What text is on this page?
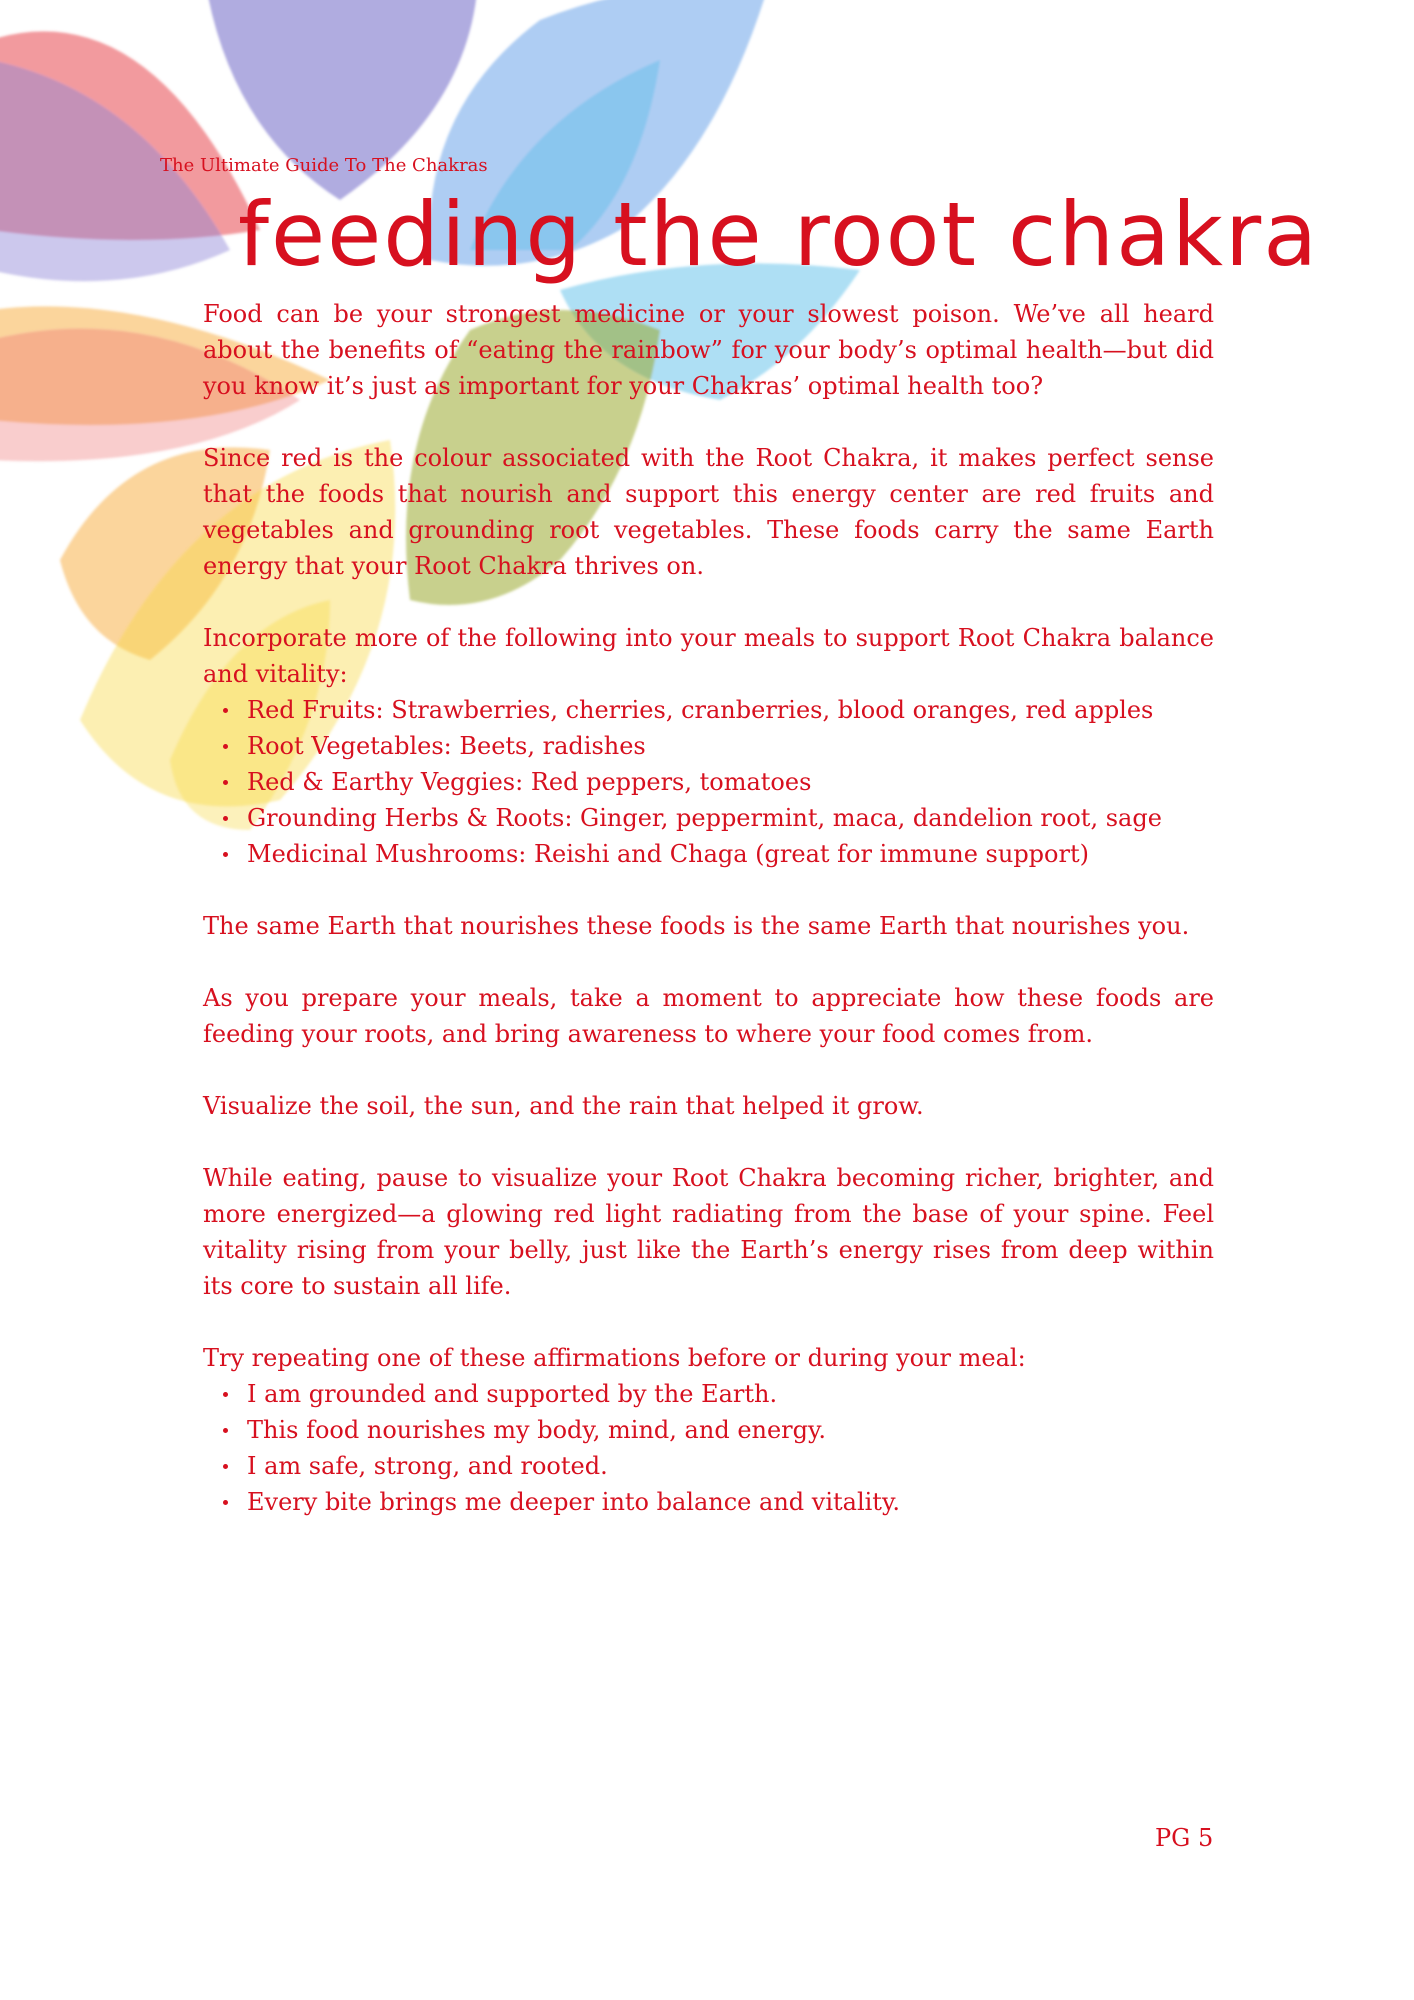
The Ultimate Guide To The Chakras
feeding the root chakra

Food can be your strongest medicine or your slowest poison. We’ve all heard about the benefits of “eating the rainbow” for your body’s optimal health—but did you know it’s just as important for your Chakras’ optimal health too?

Since red is the colour associated with the Root Chakra, it makes perfect sense that the foods that nourish and support this energy center are red fruits and vegetables and grounding root vegetables. These foods carry the same Earth energy that your Root Chakra thrives on.

Incorporate more of the following into your meals to support Root Chakra balance and vitality:

Red Fruits: Strawberries, cherries, cranberries, blood oranges, red apples
Root Vegetables: Beets, radishes
Red & Earthy Veggies: Red peppers, tomatoes
Grounding Herbs & Roots: Ginger, peppermint, maca, dandelion root, sage
Medicinal Mushrooms: Reishi and Chaga (great for immune support)

The same Earth that nourishes these foods is the same Earth that nourishes you.

As you prepare your meals, take a moment to appreciate how these foods are feeding your roots, and bring awareness to where your food comes from.

Visualize the soil, the sun, and the rain that helped it grow.

While eating, pause to visualize your Root Chakra becoming richer, brighter, and more energized—a glowing red light radiating from the base of your spine. Feel vitality rising from your belly, just like the Earth’s energy rises from deep within its core to sustain all life.

Try repeating one of these affirmations before or during your meal:

I am grounded and supported by the Earth.
This food nourishes my body, mind, and energy.
I am safe, strong, and rooted.
Every bite brings me deeper into balance and vitality.
PG 5
